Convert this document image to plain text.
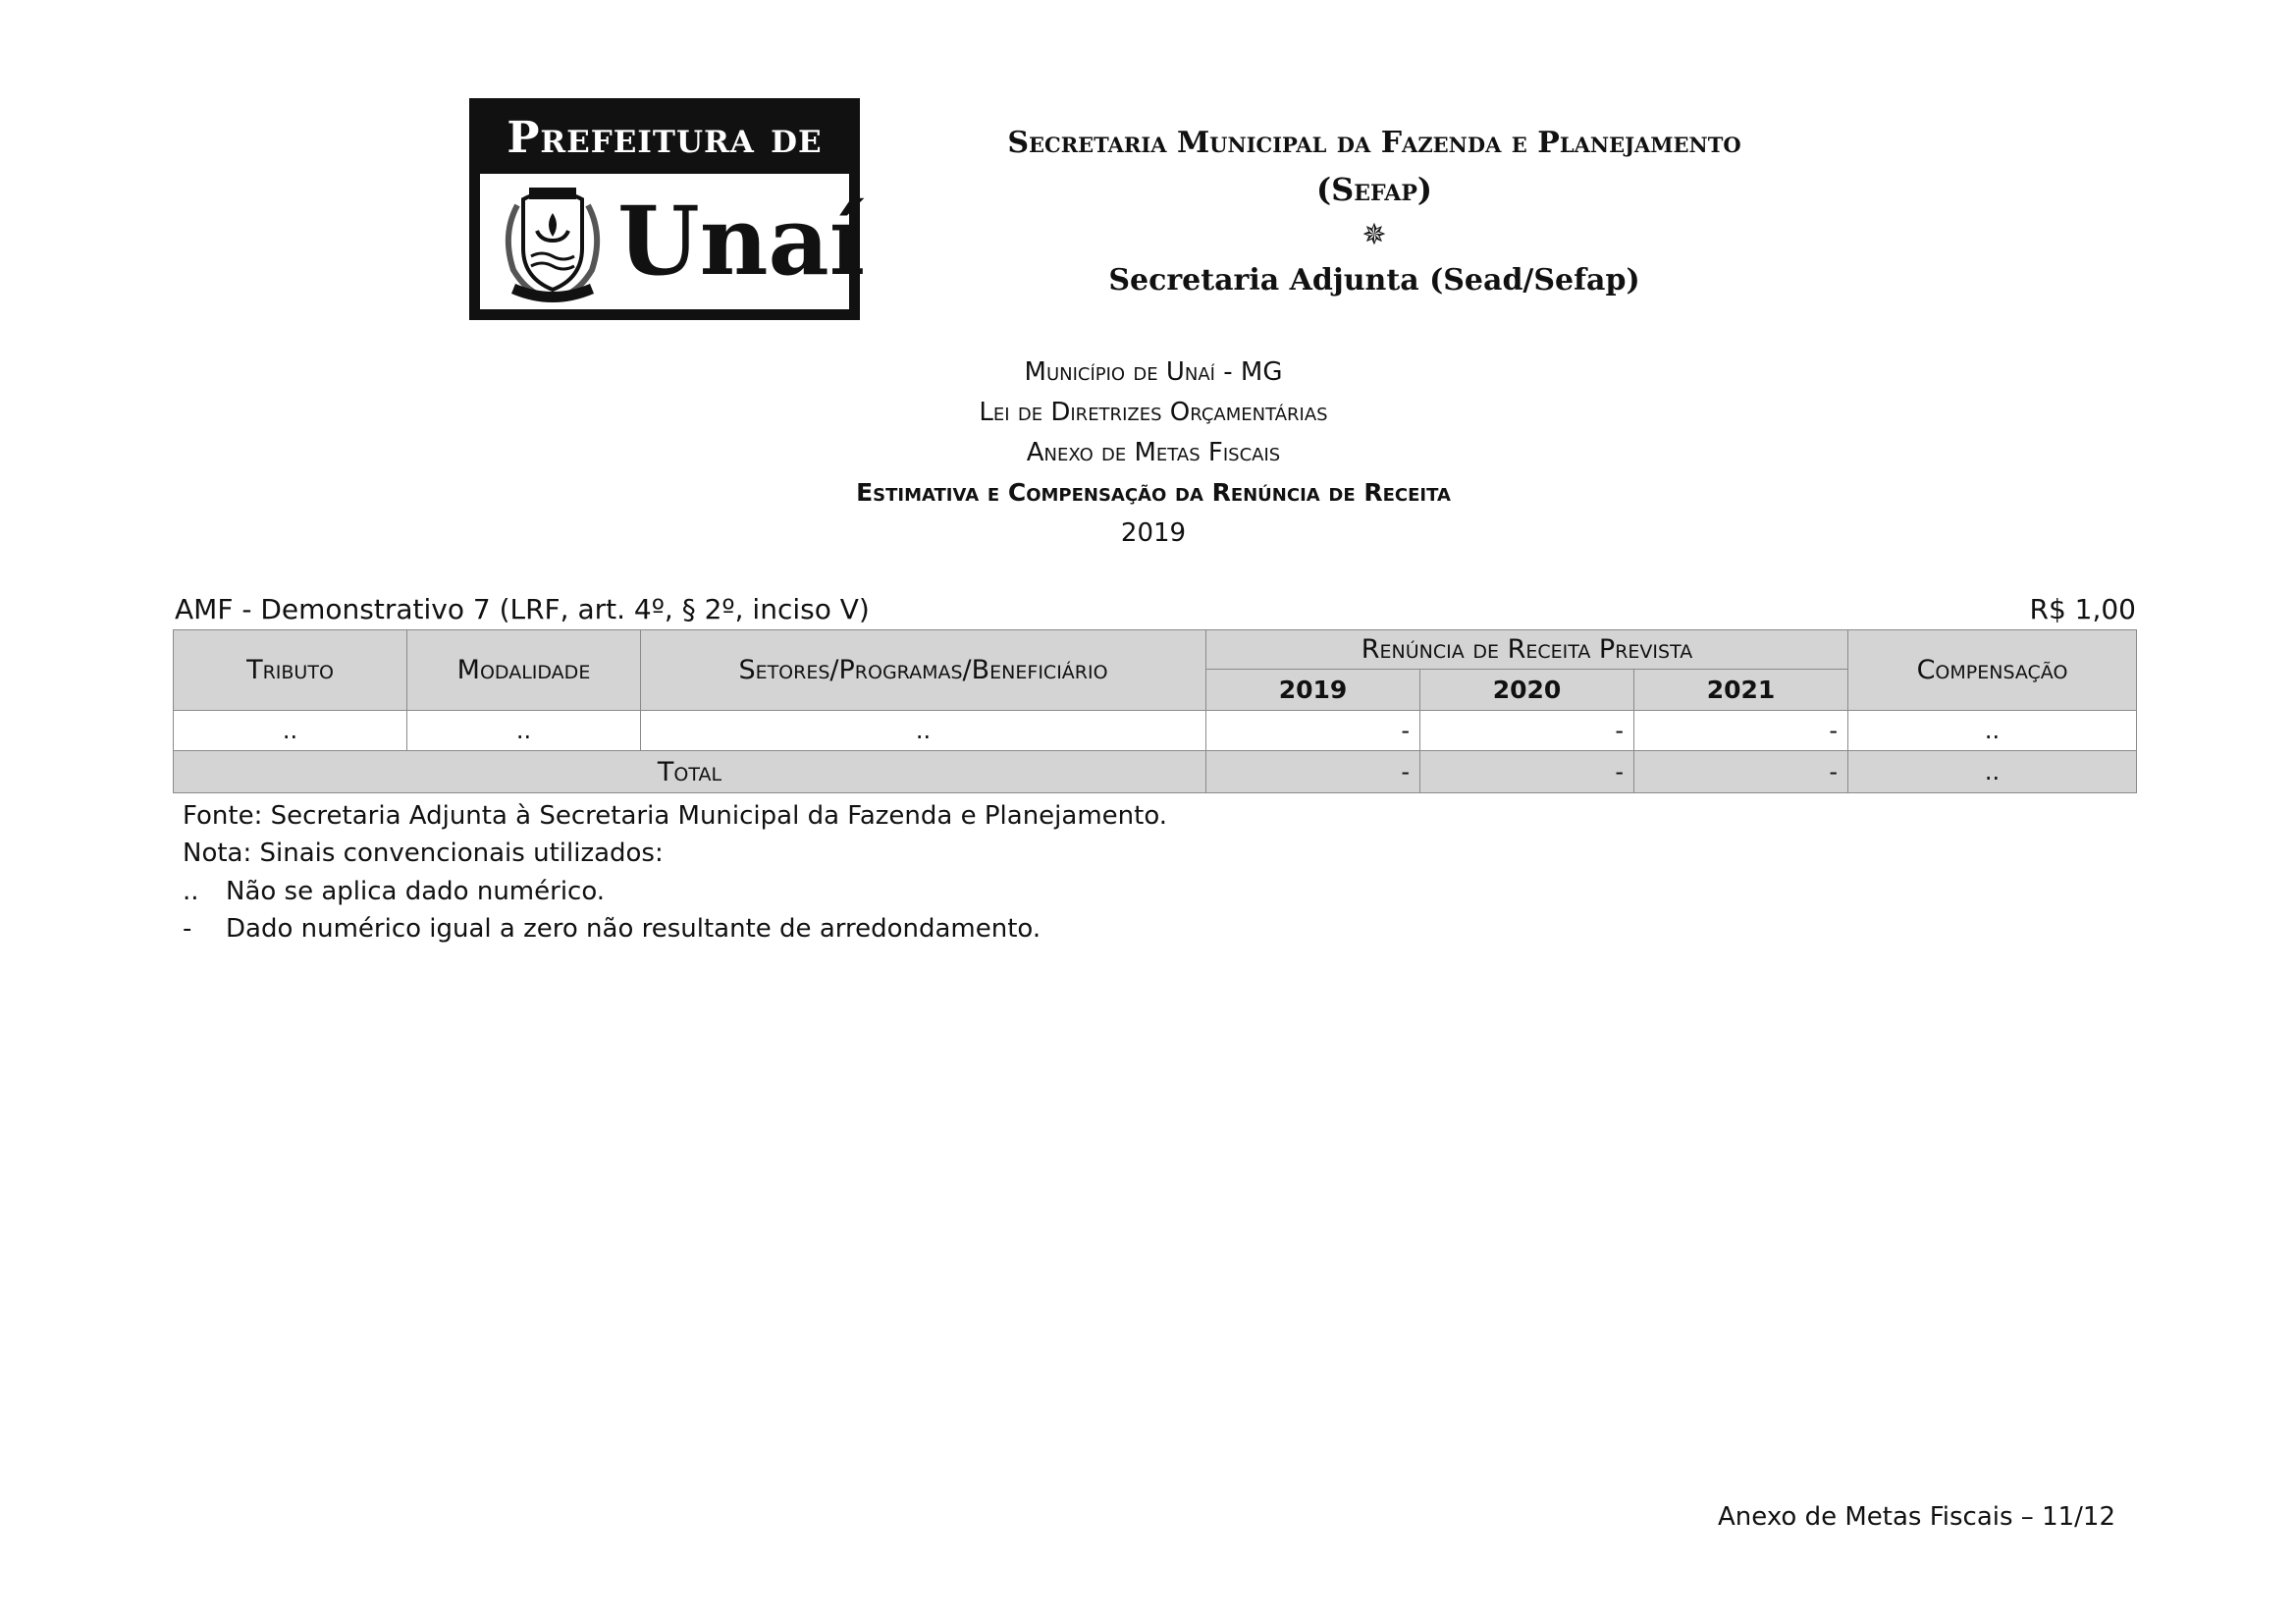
Prefeitura de
Unaí
Secretaria Municipal da Fazenda e Planejamento
(Sefap)
✵
Secretaria Adjunta (Sead/Sefap)
Município de Unaí - MG
Lei de Diretrizes Orçamentárias
Anexo de Metas Fiscais
Estimativa e Compensação da Renúncia de Receita
2019
AMF - Demonstrativo 7 (LRF, art. 4º, § 2º, inciso V)	R$ 1,00
Tributo	Modalidade	Setores/Programas/Beneficiário	Renúncia de Receita Prevista			Compensação
			2019	2020	2021	
..	..	..	-	-	-	..
Total			-	-	-	..
Fonte: Secretaria Adjunta à Secretaria Municipal da Fazenda e Planejamento.
Nota: Sinais convencionais utilizados:
.. Não se aplica dado numérico.
- Dado numérico igual a zero não resultante de arredondamento.
Anexo de Metas Fiscais – 11/12
